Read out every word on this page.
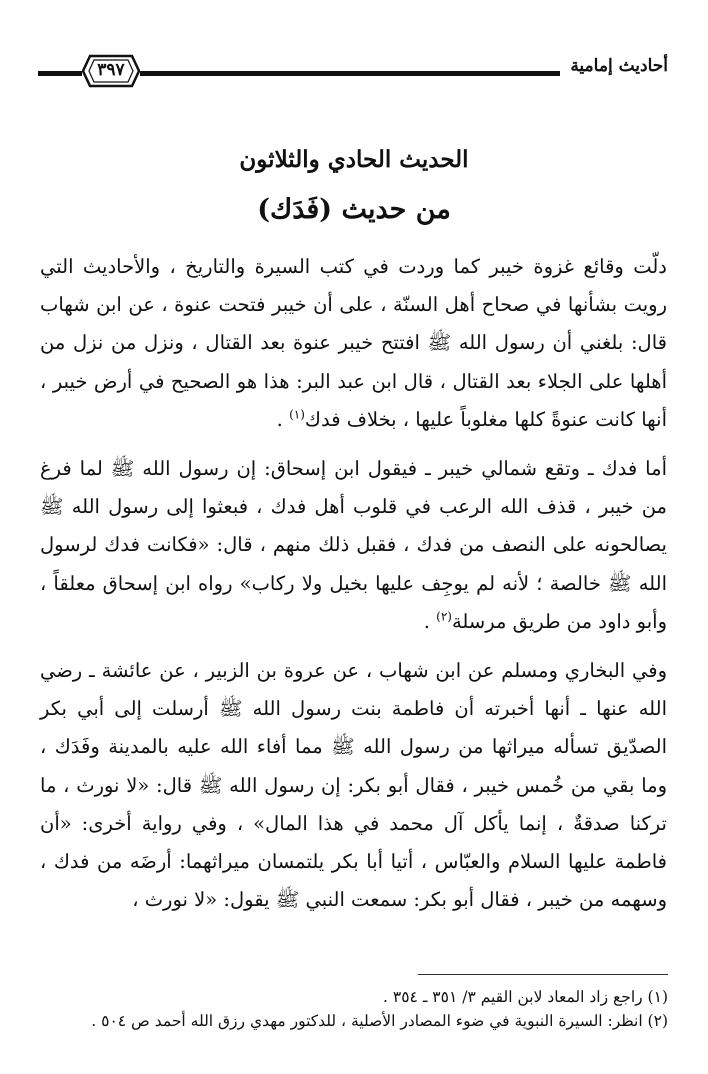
أحاديث إمامية
٣٩٧
الحديث الحادي والثلاثون
من حديث (فَدَك)

دلّت وقائع غزوة خيبر كما وردت في كتب السيرة والتاريخ ، والأحاديث التي رويت بشأنها في صحاح أهل السنّة ، على أن خيبر فتحت عنوة ، عن ابن شهاب قال: بلغني أن رسول الله ﷺ افتتح خيبر عنوة بعد القتال ، ونزل من نزل من أهلها على الجلاء بعد القتال ، قال ابن عبد البر: هذا هو الصحيح في أرض خيبر ، أنها كانت عنوةً كلها مغلوباً عليها ، بخلاف فدك$^{(١)}$ .

أما فدك ـ وتقع شمالي خيبر ـ فيقول ابن إسحاق: إن رسول الله ﷺ لما فرغ من خيبر ، قذف الله الرعب في قلوب أهل فدك ، فبعثوا إلى رسول الله ﷺ يصالحونه على النصف من فدك ، فقبل ذلك منهم ، قال: «فكانت فدك لرسول الله ﷺ خالصة ؛ لأنه لم يوجِف عليها بخيل ولا ركاب» رواه ابن إسحاق معلقاً ، وأبو داود من طريق مرسلة$^{(٢)}$ .

وفي البخاري ومسلم عن ابن شهاب ، عن عروة بن الزبير ، عن عائشة ـ رضي الله عنها ـ أنها أخبرته أن فاطمة بنت رسول الله ﷺ أرسلت إلى أبي بكر الصدّيق تسأله ميراثها من رسول الله ﷺ مما أفاء الله عليه بالمدينة وفَدَك ، وما بقي من خُمس خيبر ، فقال أبو بكر: إن رسول الله ﷺ قال: «لا نورث ، ما تركنا صدقةٌ ، إنما يأكل آل محمد في هذا المال» ، وفي رواية أخرى: «أن فاطمة عليها السلام والعبّاس ، أتيا أبا بكر يلتمسان ميراثهما: أرضَه من فدك ، وسهمه من خيبر ، فقال أبو بكر: سمعت النبي ﷺ يقول: «لا نورث ،

(١) راجع زاد المعاد لابن القيم ٣/ ٣٥١ ـ ٣٥٤ .

(٢) انظر: السيرة النبوية في ضوء المصادر الأصلية ، للدكتور مهدي رزق الله أحمد ص ٥٠٤ .
